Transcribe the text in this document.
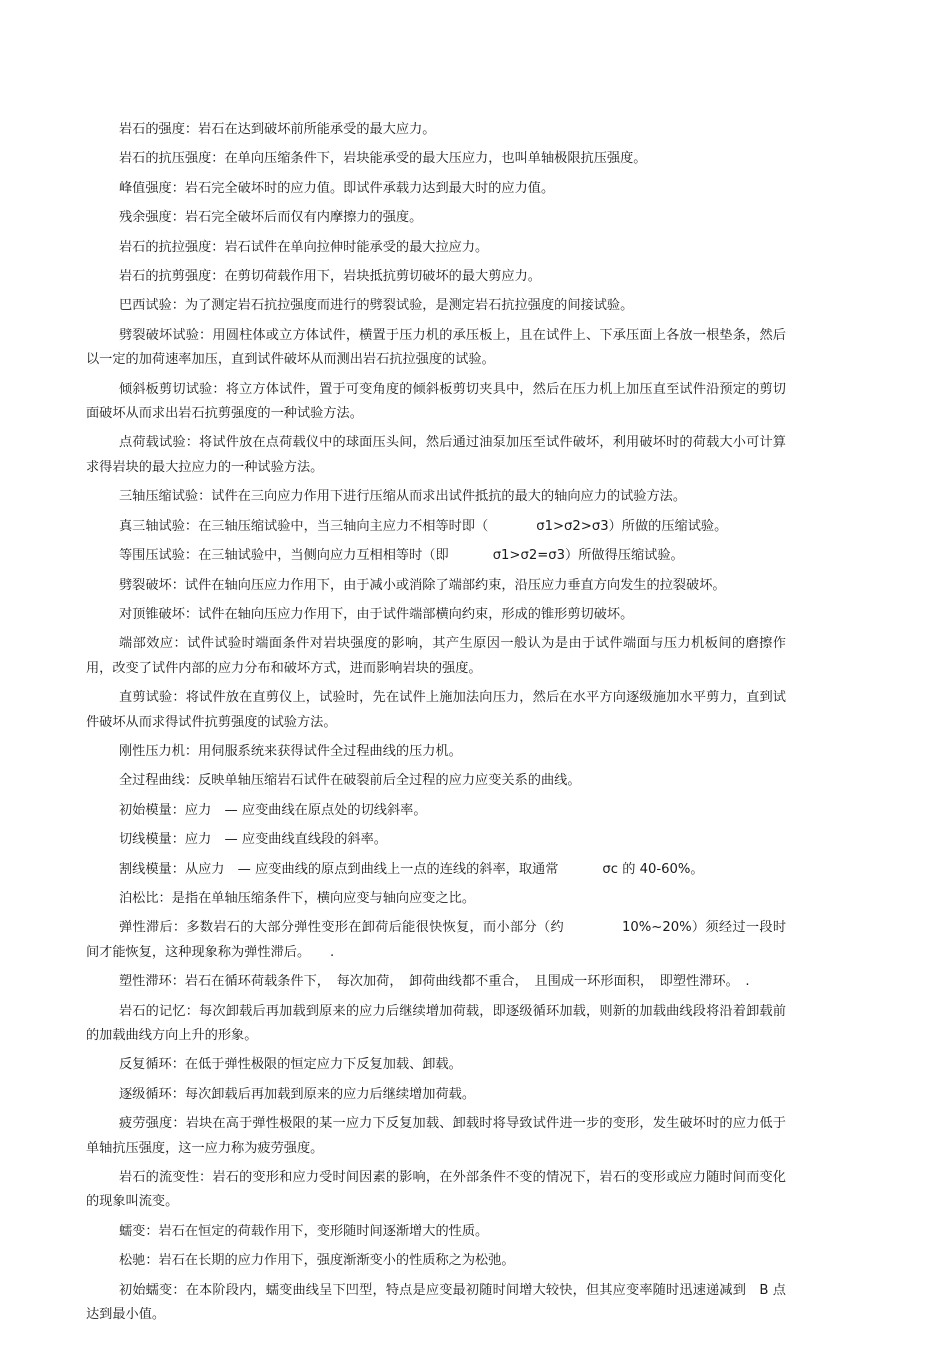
岩石的强度：岩石在达到破坏前所能承受的最大应力。

岩石的抗压强度：在单向压缩条件下，岩块能承受的最大压应力，也叫单轴极限抗压强度。

峰值强度：岩石完全破坏时的应力值。即试件承载力达到最大时的应力值。

残余强度：岩石完全破坏后而仅有内摩擦力的强度。

岩石的抗拉强度：岩石试件在单向拉伸时能承受的最大拉应力。

岩石的抗剪强度：在剪切荷载作用下，岩块抵抗剪切破坏的最大剪应力。

巴西试验：为了测定岩石抗拉强度而进行的劈裂试验，是测定岩石抗拉强度的间接试验。

劈裂破坏试验：用圆柱体或立方体试件，横置于压力机的承压板上，且在试件上、下承压面上各放一根垫条，然后以一定的加荷速率加压，直到试件破坏从而测出岩石抗拉强度的试验。

倾斜板剪切试验：将立方体试件，置于可变角度的倾斜板剪切夹具中，然后在压力机上加压直至试件沿预定的剪切面破坏从而求出岩石抗剪强度的一种试验方法。

点荷载试验：将试件放在点荷载仪中的球面压头间，然后通过油泵加压至试件破坏，利用破坏时的荷载大小可计算求得岩块的最大拉应力的一种试验方法。

三轴压缩试验：试件在三向应力作用下进行压缩从而求出试件抵抗的最大的轴向应力的试验方法。

真三轴试验：在三轴压缩试验中，当三轴向主应力不相等时即（	σ1>σ2>σ3）所做的压缩试验。

等围压试验：在三轴试验中，当侧向应力互相相等时（即	σ1>σ2=σ3）所做得压缩试验。

劈裂破坏：试件在轴向压应力作用下，由于减小或消除了端部约束，沿压应力垂直方向发生的拉裂破坏。

对顶锥破坏：试件在轴向压应力作用下，由于试件端部横向约束，形成的锥形剪切破坏。

端部效应：试件试验时端面条件对岩块强度的影响，其产生原因一般认为是由于试件端面与压力机板间的磨擦作用，改变了试件内部的应力分布和破坏方式，进而影响岩块的强度。

直剪试验：将试件放在直剪仪上，试验时，先在试件上施加法向压力，然后在水平方向逐级施加水平剪力，直到试件破坏从而求得试件抗剪强度的试验方法。

刚性压力机：用伺服系统来获得试件全过程曲线的压力机。

全过程曲线：反映单轴压缩岩石试件在破裂前后全过程的应力应变关系的曲线。

初始模量：应力　— 应变曲线在原点处的切线斜率。

切线模量：应力　— 应变曲线直线段的斜率。

割线模量：从应力　— 应变曲线的原点到曲线上一点的连线的斜率，取通常	σc 的 40-60%。

泊松比：是指在单轴压缩条件下，横向应变与轴向应变之比。

弹性滞后：多数岩石的大部分弹性变形在卸荷后能很快恢复，而小部分（约	10%~20%）须经过一段时间才能恢复，这种现象称为弹性滞后。　　.

塑性滞环：岩石在循环荷载条件下，　每次加荷，　卸荷曲线都不重合，　且围成一环形面积，　即塑性滞环。　.

岩石的记忆：每次卸载后再加载到原来的应力后继续增加荷载，即逐级循环加载，则新的加载曲线段将沿着卸载前的加载曲线方向上升的形象。

反复循环：在低于弹性极限的恒定应力下反复加载、卸载。

逐级循环：每次卸载后再加载到原来的应力后继续增加荷载。

疲劳强度：岩块在高于弹性极限的某一应力下反复加载、卸载时将导致试件进一步的变形，发生破坏时的应力低于单轴抗压强度，这一应力称为疲劳强度。

岩石的流变性：岩石的变形和应力受时间因素的影响，在外部条件不变的情况下，岩石的变形或应力随时间而变化的现象叫流变。

蠕变：岩石在恒定的荷载作用下，变形随时间逐渐增大的性质。

松驰：岩石在长期的应力作用下，强度渐渐变小的性质称之为松弛。

初始蠕变：在本阶段内，蠕变曲线呈下凹型，特点是应变最初随时间增大较快，但其应变率随时迅速递减到　B 点达到最小值。
